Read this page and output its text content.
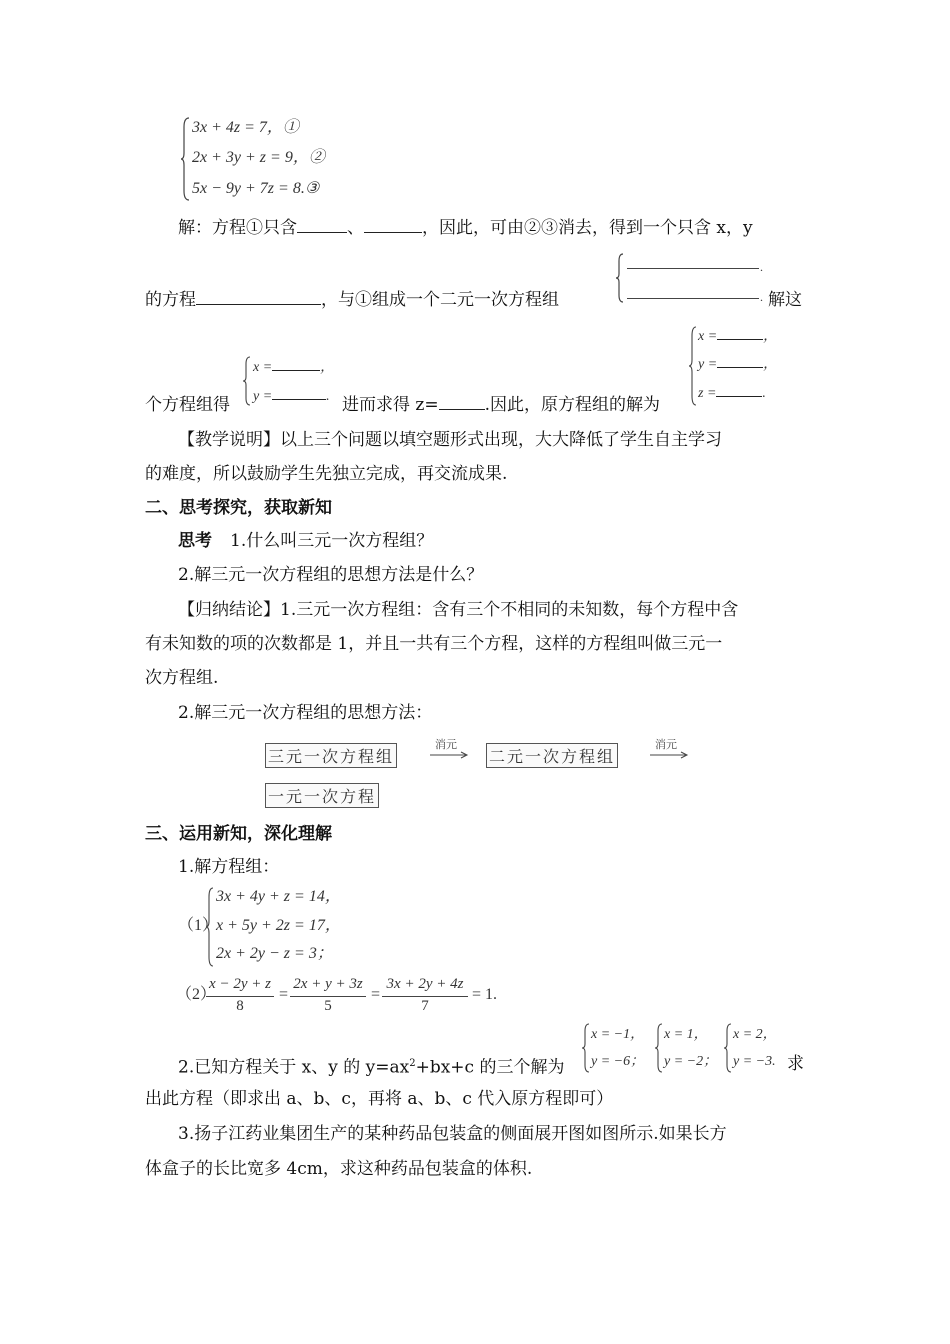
3x + 4z = 7，①
2x + 3y + z = 9，②
5x − 9y + 7z = 8.③
解：方程①只含	、	，因此，可由②③消去，得到一个只含 x，y
.
.
的方程	，与①组成一个二元一次方程组	解这
x =	，
y =	.
x =	，
y =	，
z =	.
个方程组得	进而求得 z=	.因此，原方程组的解为
【教学说明】以上三个问题以填空题形式出现，大大降低了学生自主学习
的难度，所以鼓励学生先独立完成，再交流成果.
二、思考探究，获取新知
思考 1.什么叫三元一次方程组？
2.解三元一次方程组的思想方法是什么？
【归纳结论】1.三元一次方程组：含有三个不相同的未知数，每个方程中含
有未知数的项的次数都是 1，并且一共有三个方程，这样的方程组叫做三元一
次方程组.
2.解三元一次方程组的思想方法：
三元一次方程组
消元
二元一次方程组
消元
一元一次方程
三、运用新知，深化理解
1.解方程组：
（1）
3x + 4y + z = 14，
x + 5y + 2z = 17，
2x + 2y − z = 3；
（2）
x − 2y + z
8
=
2x + y + 3z
5
=
3x + 2y + 4z
7
= 1.
2.已知方程关于 x、y 的 $y=ax^2+bx+c$ 的三个解为
x = −1，
y = −6；
x = 1，
y = −2；
x = 2，
y = −3. 求
出此方程（即求出 a、b、c，再将 a、b、c 代入原方程即可）
3.扬子江药业集团生产的某种药品包装盒的侧面展开图如图所示.如果长方
体盒子的长比宽多 4cm，求这种药品包装盒的体积.
